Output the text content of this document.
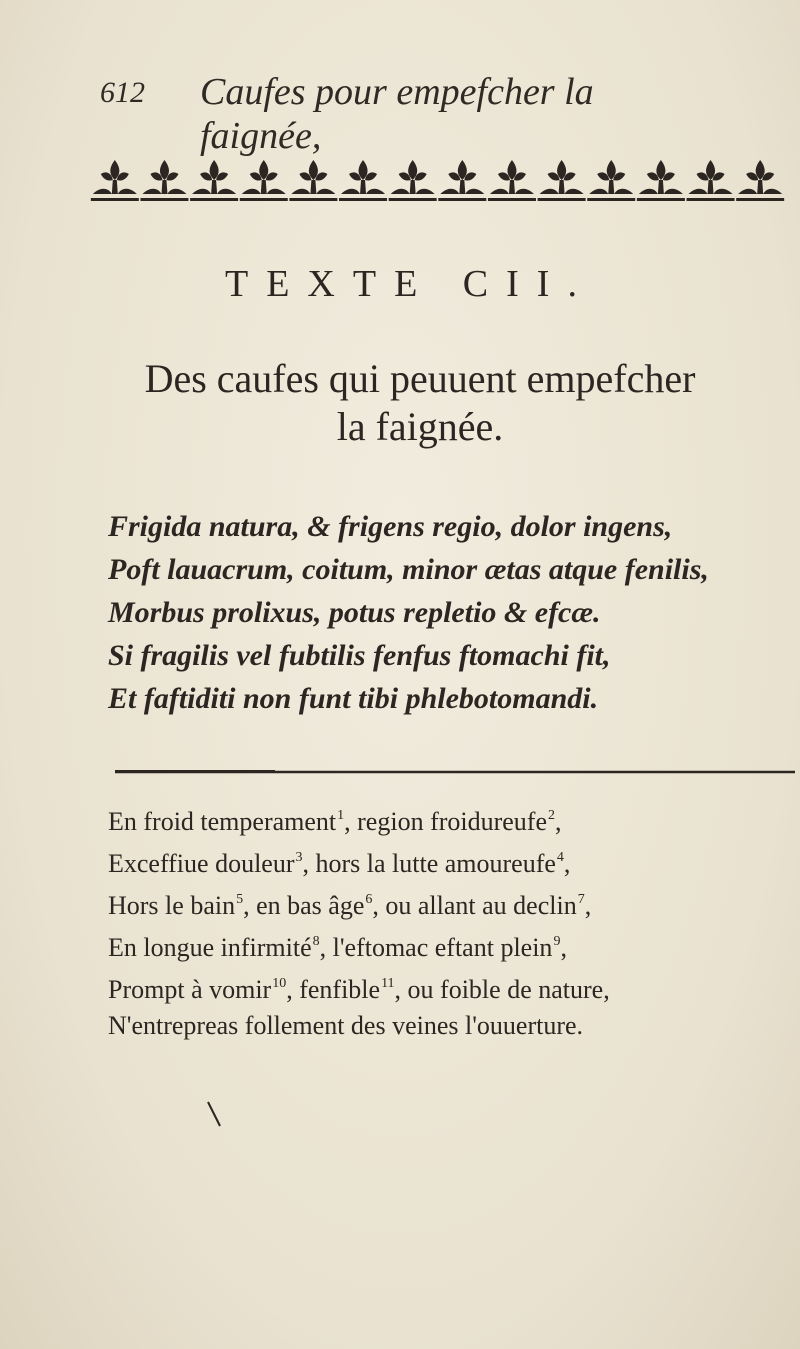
612 Caufes pour empefcher la faignée,
TEXTE CII.
Des caufes qui peuuent empefcher
la faignée.
Frigida natura, & frigens regio, dolor ingens,
Poft lauacrum, coitum, minor ætas atque fenilis,
Morbus prolixus, potus repletio & efcæ.
Si fragilis vel fubtilis fenfus ftomachi fit,
Et faftiditi non funt tibi phlebotomandi.
En froid temperament$^1$, region froidureufe$^2$,
Exceffiue douleur$^3$, hors la lutte amoureufe$^4$,
Hors le bain$^5$, en bas âge$^6$, ou allant au declin$^7$,
En longue infirmité$^8$, l'eftomac eftant plein$^9$,
Prompt à vomir$^{10}$, fenfible$^{11}$, ou foible de nature,
N'entrepreas follement des veines l'ouuerture.
